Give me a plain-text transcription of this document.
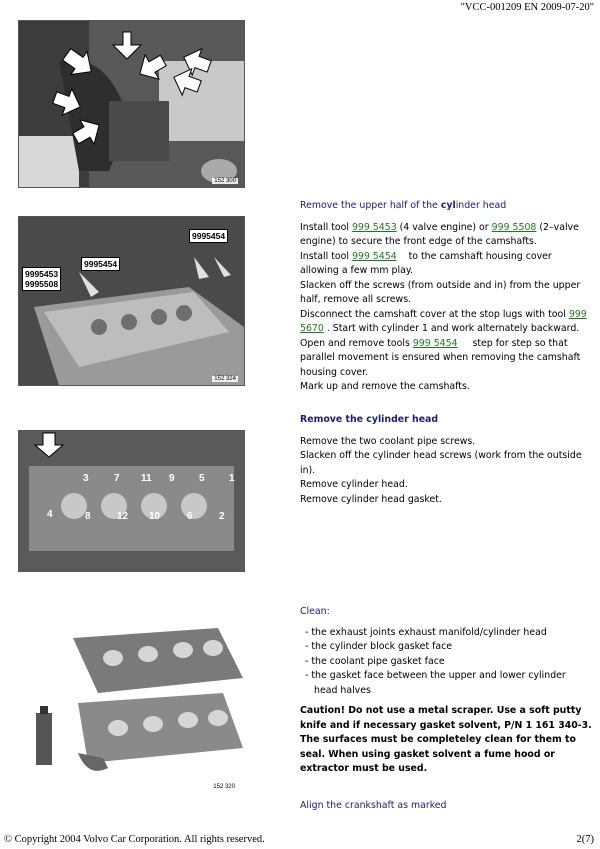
"VCC-001209 EN 2009-07-20"
152 300
9995454
9995454
9995453
9995508
152 324
4	8	12 10	6	2
3	7 11 9 5 1
152 320
Remove the upper half of the cylinder head

Install tool 999 5453 (4 valve engine) or 999 5508 (2–valve engine) to secure the front edge of the camshafts.

Install tool 999 5454    to the camshaft housing cover allowing a few mm play.

Slacken off the screws (from outside and in) from the upper half, remove all screws.

Disconnect the camshaft cover at the stop lugs with tool 999 5670 . Start with cylinder 1 and work alternately backward.

Open and remove tools 999 5454     step for step so that parallel movement is ensured when removing the camshaft housing cover.

Mark up and remove the camshafts.

Remove the cylinder head

Remove the two coolant pipe screws.

Slacken off the cylinder head screws (work from the outside in).

Remove cylinder head.

Remove cylinder head gasket.

Clean:
- the exhaust joints exhaust manifold/cylinder head
- the cylinder block gasket face
- the coolant pipe gasket face
- the gasket face between the upper and lower cylinder head halves

Caution! Do not use a metal scraper. Use a soft putty knife and if necessary gasket solvent, P/N 1 161 340-3. The surfaces must be completeley clean for them to seal. When using gasket solvent a fume hood or extractor must be used.

Align the crankshaft as marked
© Copyright 2004 Volvo Car Corporation. All rights reserved.	2(7)
